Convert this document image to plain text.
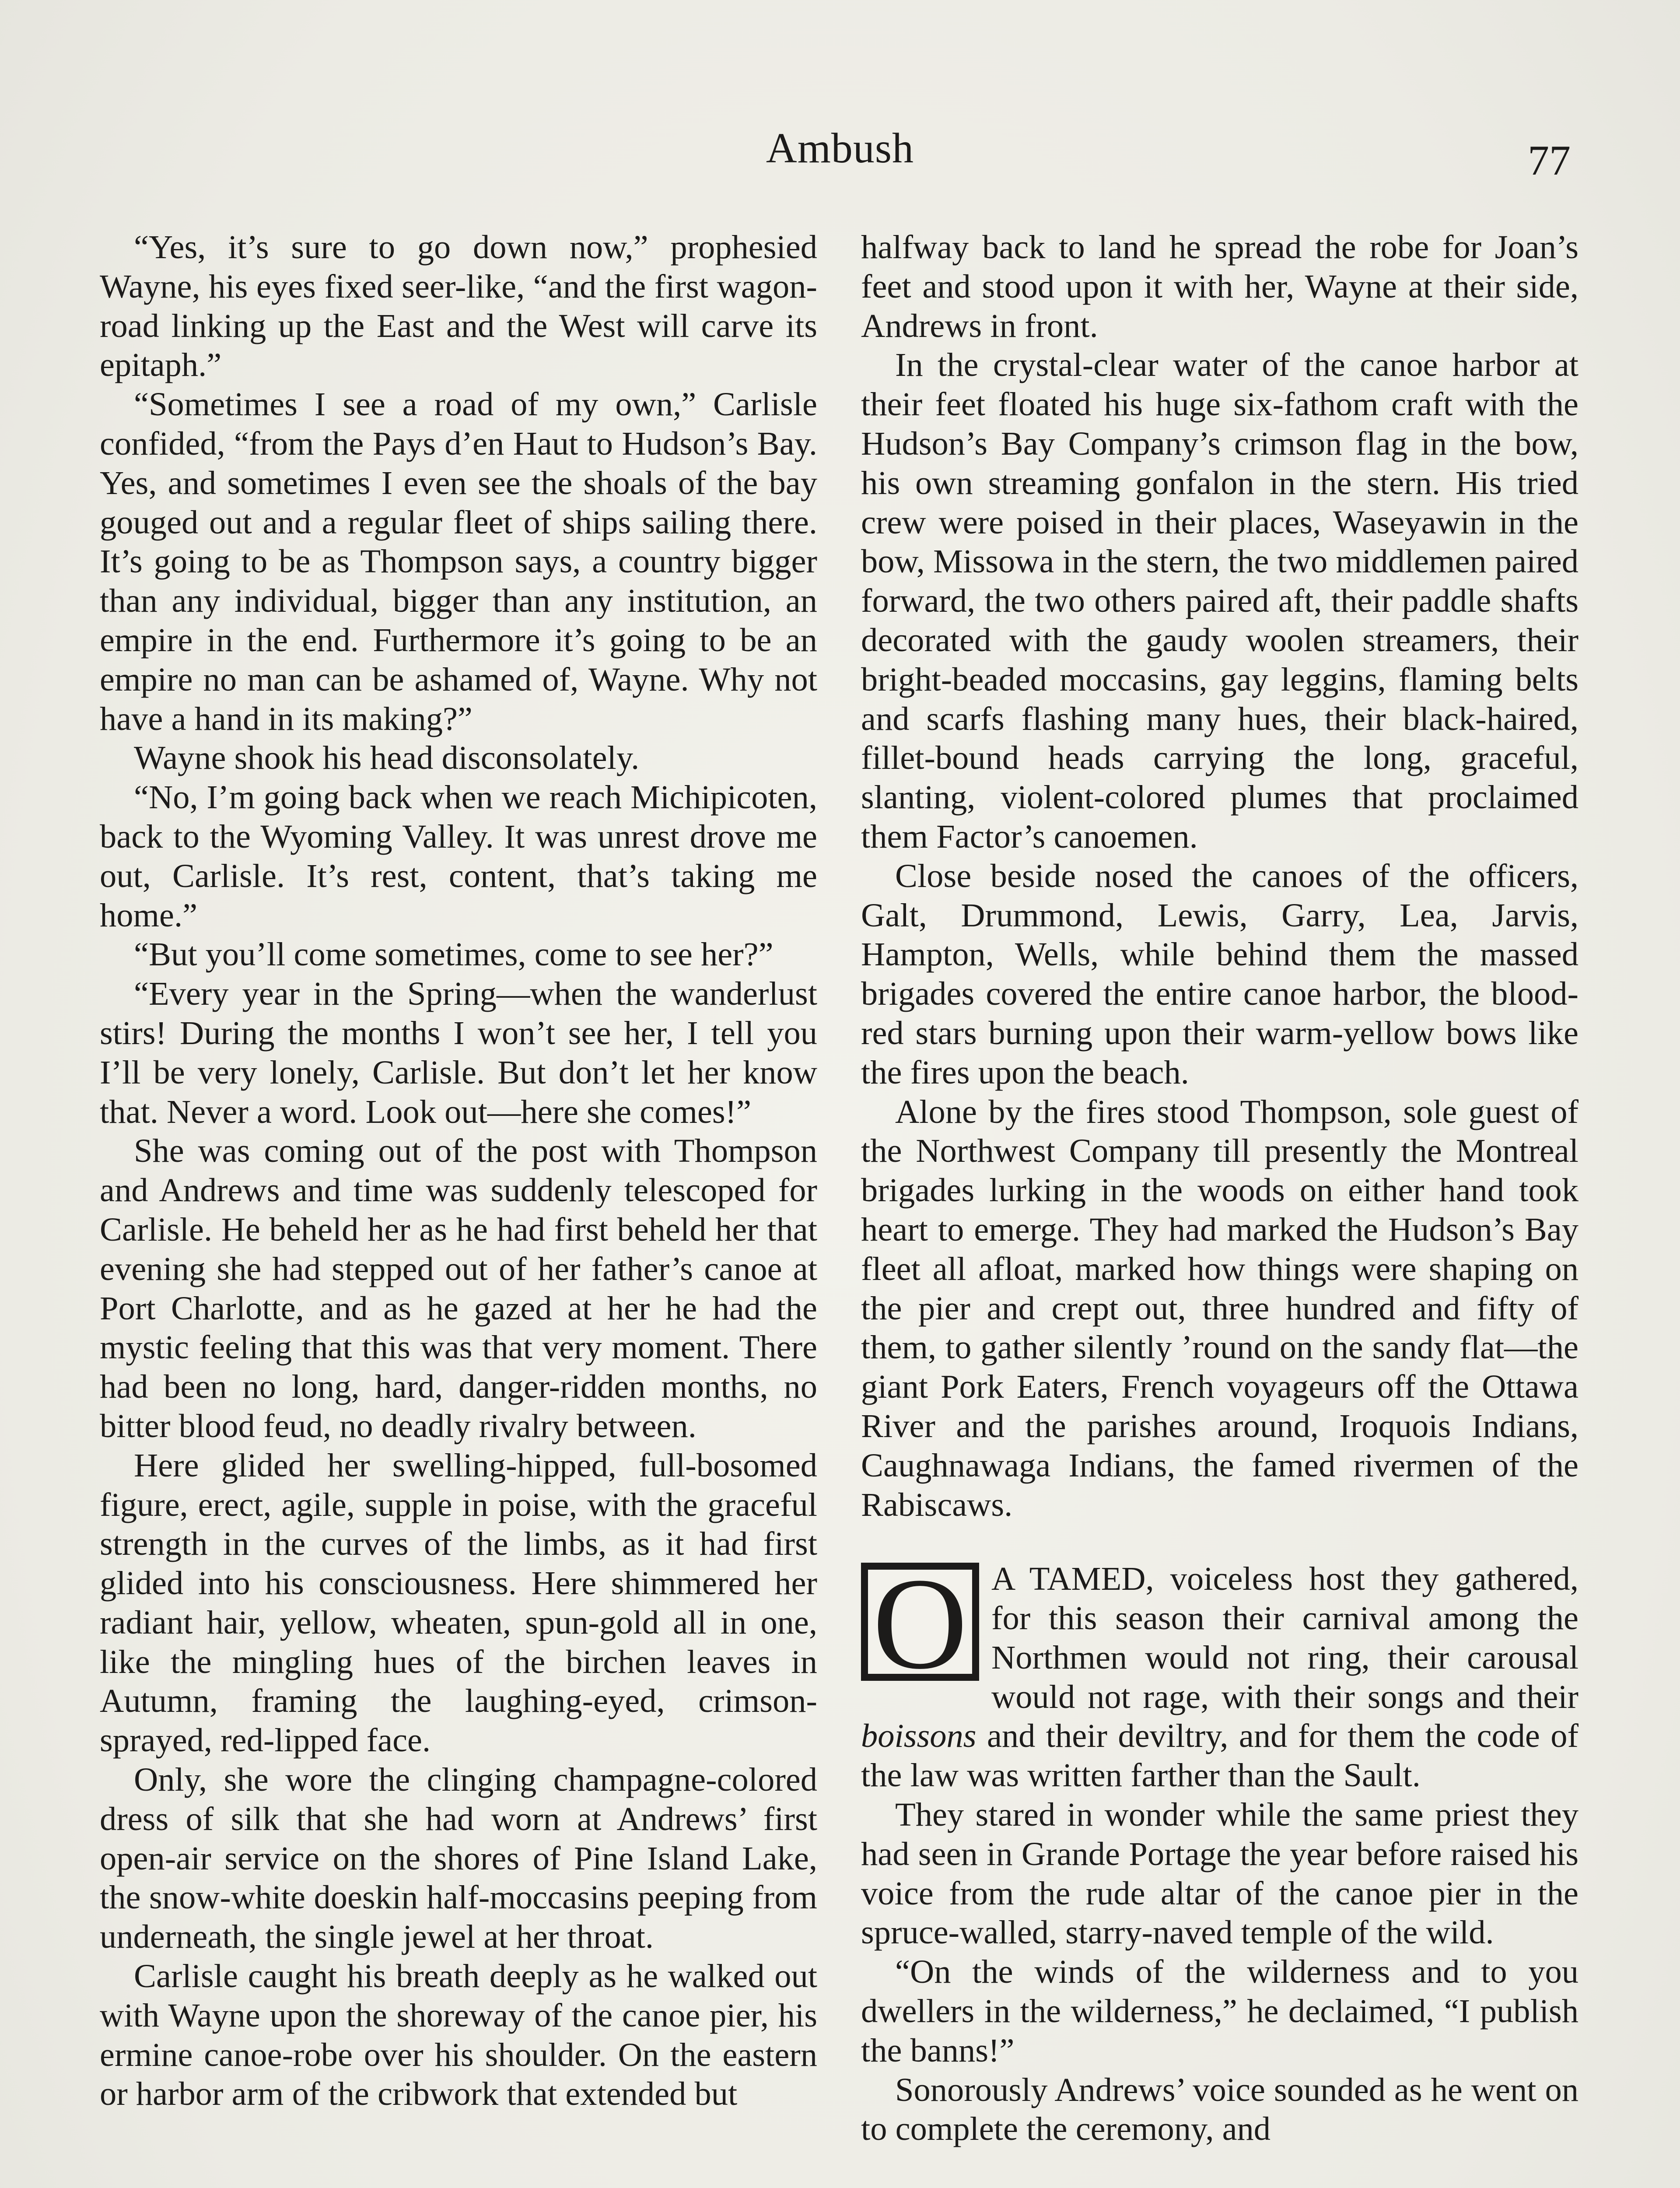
Ambush	77

“Yes, it’s sure to go down now,” prophesied Wayne, his eyes fixed seer-like, “and the first wagon-road linking up the East and the West will carve its epitaph.”

“Sometimes I see a road of my own,” Carlisle confided, “from the Pays d’en Haut to Hudson’s Bay. Yes, and sometimes I even see the shoals of the bay gouged out and a regular fleet of ships sailing there. It’s going to be as Thompson says, a country bigger than any individual, bigger than any institution, an empire in the end. Furthermore it’s going to be an empire no man can be ashamed of, Wayne. Why not have a hand in its making?”

Wayne shook his head disconsolately.

“No, I’m going back when we reach Michipicoten, back to the Wyoming Valley. It was unrest drove me out, Carlisle. It’s rest, content, that’s taking me home.”

“But you’ll come sometimes, come to see her?”

“Every year in the Spring—when the wanderlust stirs! During the months I won’t see her, I tell you I’ll be very lonely, Carlisle. But don’t let her know that. Never a word. Look out—here she comes!”

She was coming out of the post with Thompson and Andrews and time was suddenly telescoped for Carlisle. He beheld her as he had first beheld her that evening she had stepped out of her father’s canoe at Port Charlotte, and as he gazed at her he had the mystic feeling that this was that very moment. There had been no long, hard, danger-ridden months, no bitter blood feud, no deadly rivalry between.

Here glided her swelling-hipped, full-bosomed figure, erect, agile, supple in poise, with the graceful strength in the curves of the limbs, as it had first glided into his consciousness. Here shimmered her radiant hair, yellow, wheaten, spun-gold all in one, like the mingling hues of the birchen leaves in Autumn, framing the laughing-eyed, crimson-sprayed, red-lipped face.

Only, she wore the clinging champagne-colored dress of silk that she had worn at Andrews’ first open-air service on the shores of Pine Island Lake, the snow-white doeskin half-moccasins peeping from underneath, the single jewel at her throat.

Carlisle caught his breath deeply as he walked out with Wayne upon the shoreway of the canoe pier, his ermine canoe-robe over his shoulder. On the eastern or harbor arm of the cribwork that extended but

halfway back to land he spread the robe for Joan’s feet and stood upon it with her, Wayne at their side, Andrews in front.

In the crystal-clear water of the canoe harbor at their feet floated his huge six-fathom craft with the Hudson’s Bay Company’s crimson flag in the bow, his own streaming gonfalon in the stern. His tried crew were poised in their places, Waseyawin in the bow, Missowa in the stern, the two middlemen paired forward, the two others paired aft, their paddle shafts decorated with the gaudy woolen streamers, their bright-beaded moccasins, gay leggins, flaming belts and scarfs flashing many hues, their black-haired, fillet-bound heads carrying the long, graceful, slanting, violent-colored plumes that proclaimed them Factor’s canoemen.

Close beside nosed the canoes of the officers, Galt, Drummond, Lewis, Garry, Lea, Jarvis, Hampton, Wells, while behind them the massed brigades covered the entire canoe harbor, the blood-red stars burning upon their warm-yellow bows like the fires upon the beach.

Alone by the fires stood Thompson, sole guest of the Northwest Company till presently the Montreal brigades lurking in the woods on either hand took heart to emerge. They had marked the Hudson’s Bay fleet all afloat, marked how things were shaping on the pier and crept out, three hundred and fifty of them, to gather silently ’round on the sandy flat—the giant Pork Eaters, French voyageurs off the Ottawa River and the parishes around, Iroquois Indians, Caughnawaga Indians, the famed rivermen of the Rabiscaws.

O A TAMED, voiceless host they gathered, for this season their carnival among the Northmen would not ring, their carousal would not rage, with their songs and their boissons and their deviltry, and for them the code of the law was written farther than the Sault.

They stared in wonder while the same priest they had seen in Grande Portage the year before raised his voice from the rude altar of the canoe pier in the spruce-walled, starry-naved temple of the wild.

“On the winds of the wilderness and to you dwellers in the wilderness,” he declaimed, “I publish the banns!”

Sonorously Andrews’ voice sounded as he went on to complete the ceremony, and
